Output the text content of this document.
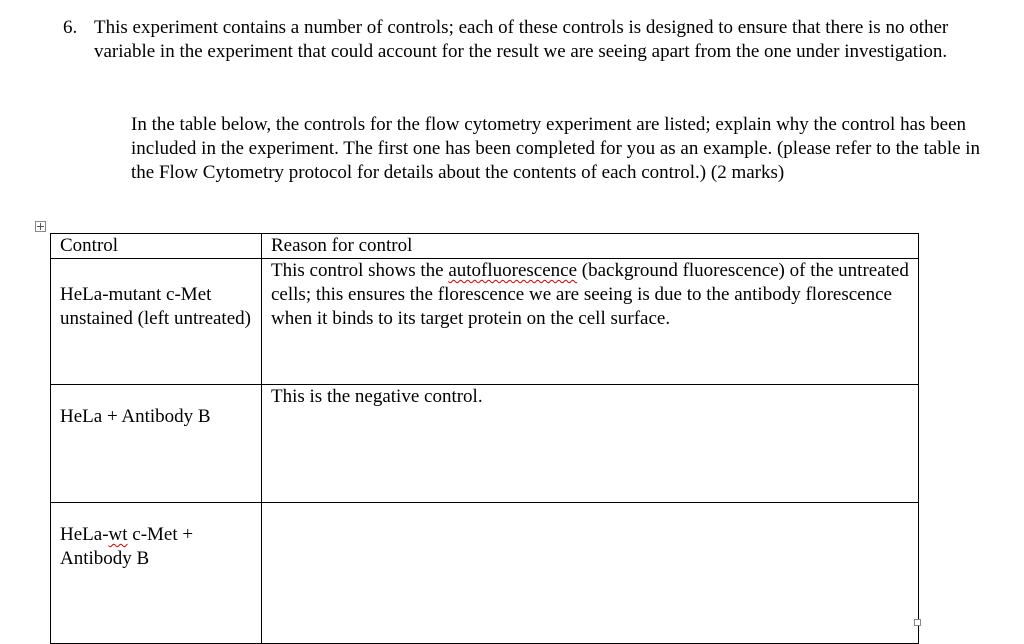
6. This experiment contains a number of controls; each of these controls is designed to ensure that there is no other variable in the experiment that could account for the result we are seeing apart from the one under investigation.
In the table below, the controls for the flow cytometry experiment are listed; explain why the control has been included in the experiment. The first one has been completed for you as an example. (please refer to the table in the Flow Cytometry protocol for details about the contents of each control.) (2 marks)
Control	Reason for control

HeLa-mutant c-Met unstained (left untreated)	This control shows the autofluorescence (background fluorescence) of the untreated cells; this ensures the florescence we are seeing is due to the antibody florescence when it binds to its target protein on the cell surface.

HeLa + Antibody B	This is the negative control.

HeLa-wt c-Met + Antibody B	
